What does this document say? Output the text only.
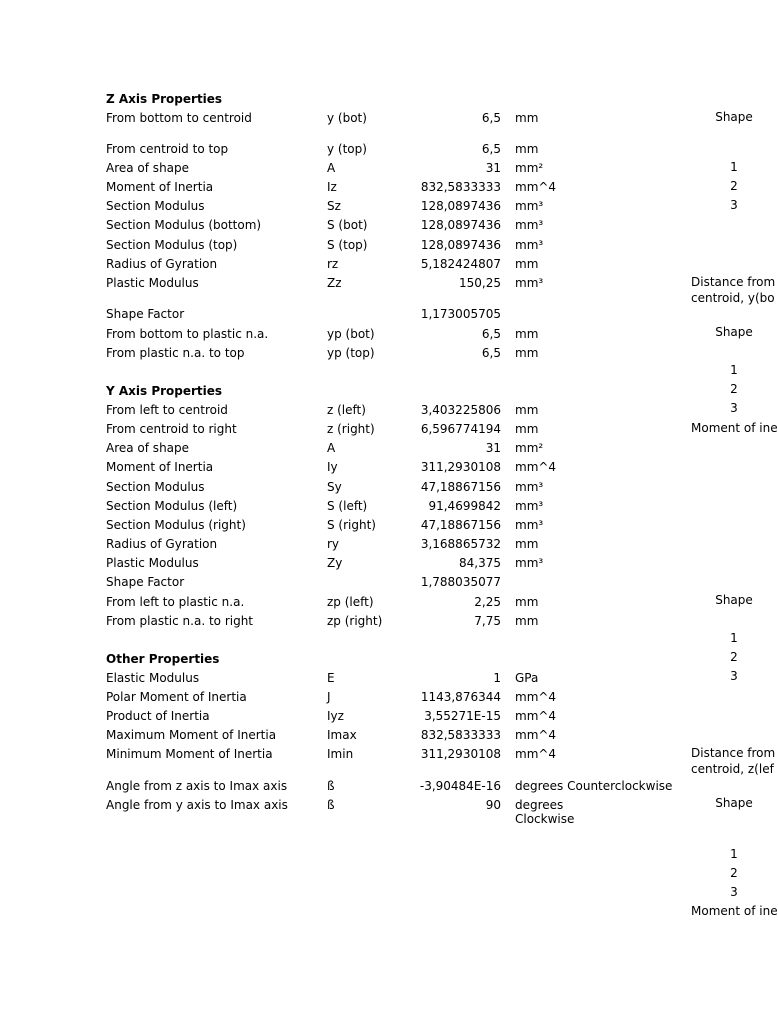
Z Axis Properties
From bottom to centroid	y (bot)	6,5 mm
From centroid to top	y (top)	6,5 mm
Area of shape	A	31 mm²
Moment of Inertia	Iz	832,5833333 mm^4
Section Modulus	Sz	128,0897436 mm³
Section Modulus (bottom)	S (bot)	128,0897436 mm³
Section Modulus (top)	S (top)	128,0897436 mm³
Radius of Gyration	rz	5,182424807 mm
Plastic Modulus	Zz	150,25 mm³
Shape Factor	1,173005705
From bottom to plastic n.a.	yp (bot)	6,5 mm
From plastic n.a. to top	yp (top)	6,5 mm
Y Axis Properties
From left to centroid	z (left)	3,403225806 mm
From centroid to right	z (right)	6,596774194 mm
Area of shape	A	31 mm²
Moment of Inertia	Iy	311,2930108 mm^4
Section Modulus	Sy	47,18867156 mm³
Section Modulus (left)	S (left)	91,4699842 mm³
Section Modulus (right)	S (right)	47,18867156 mm³
Radius of Gyration	ry	3,168865732 mm
Plastic Modulus	Zy	84,375 mm³
Shape Factor	1,788035077
From left to plastic n.a.	zp (left)	2,25 mm
From plastic n.a. to right	zp (right)	7,75 mm
Other Properties
Elastic Modulus	E	1 GPa
Polar Moment of Inertia	J	1143,876344 mm^4
Product of Inertia	Iyz	3,55271E-15 mm^4
Maximum Moment of Inertia	Imax	832,5833333 mm^4
Minimum Moment of Inertia	Imin	311,2930108 mm^4
Angle from z axis to Imax axis	ß	-3,90484E-16 degrees Counterclockwise
Angle from y axis to Imax axis	ß	90 degrees
Clockwise
Shape
1
2
3
Distance from
centroid, y(bo
Shape
1
2
3
Moment of ine
Shape
1
2
3
Distance from
centroid, z(lef
Shape
1
2
3
Moment of ine
